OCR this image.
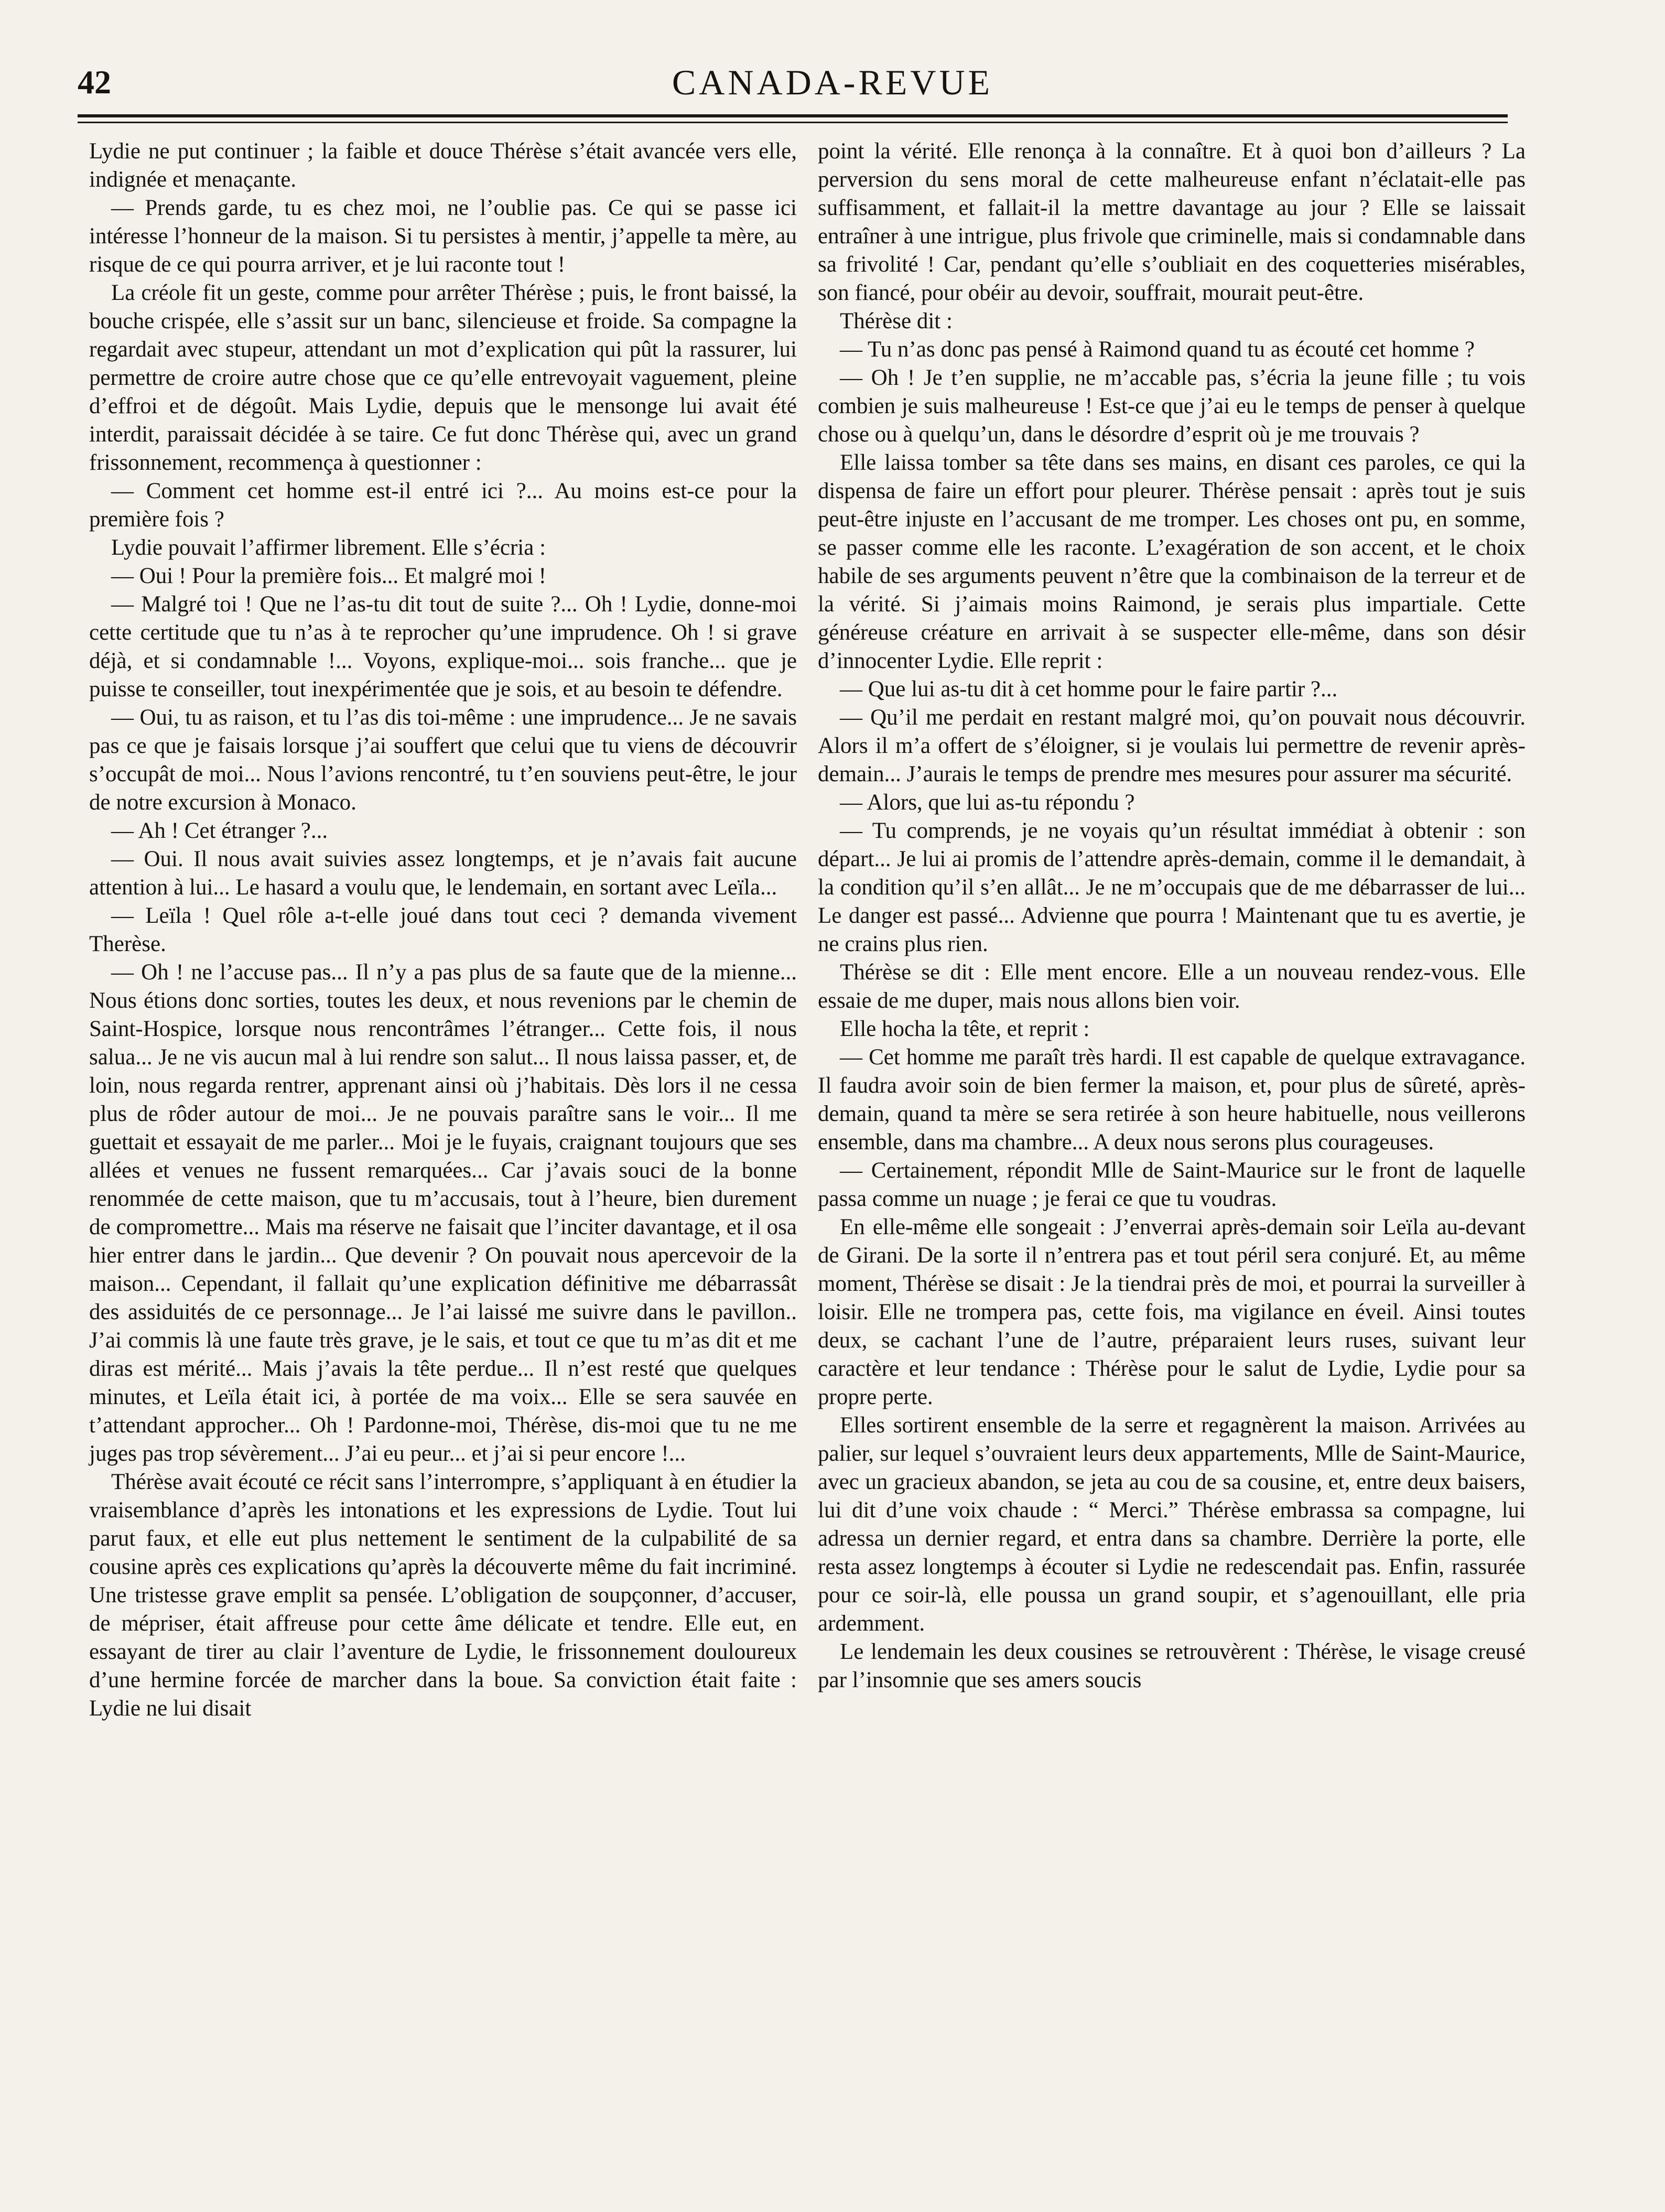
42	CANADA-REVUE

Lydie ne put continuer ; la faible et douce Thérèse s’était avancée vers elle, indignée et menaçante.

— Prends garde, tu es chez moi, ne l’oublie pas. Ce qui se passe ici intéresse l’honneur de la maison. Si tu persistes à mentir, j’appelle ta mère, au risque de ce qui pourra arriver, et je lui raconte tout !

La créole fit un geste, comme pour arrêter Thérèse ; puis, le front baissé, la bouche crispée, elle s’assit sur un banc, silencieuse et froide. Sa compagne la regardait avec stupeur, attendant un mot d’explication qui pût la rassurer, lui permettre de croire autre chose que ce qu’elle entrevoyait vaguement, pleine d’effroi et de dégoût. Mais Lydie, depuis que le mensonge lui avait été interdit, paraissait décidée à se taire. Ce fut donc Thérèse qui, avec un grand frissonnement, recommença à questionner :

— Comment cet homme est-il entré ici ?... Au moins est-ce pour la première fois ?

Lydie pouvait l’affirmer librement. Elle s’écria :

— Oui ! Pour la première fois... Et malgré moi !

— Malgré toi ! Que ne l’as-tu dit tout de suite ?... Oh ! Lydie, donne-moi cette certitude que tu n’as à te reprocher qu’une imprudence. Oh ! si grave déjà, et si condamnable !... Voyons, explique-moi... sois franche... que je puisse te conseiller, tout inexpérimentée que je sois, et au besoin te défendre.

— Oui, tu as raison, et tu l’as dis toi-même : une imprudence... Je ne savais pas ce que je faisais lorsque j’ai souffert que celui que tu viens de découvrir s’occupât de moi... Nous l’avions rencontré, tu t’en souviens peut-être, le jour de notre excursion à Monaco.

— Ah ! Cet étranger ?...

— Oui. Il nous avait suivies assez longtemps, et je n’avais fait aucune attention à lui... Le hasard a voulu que, le lendemain, en sortant avec Leïla...

— Leïla ! Quel rôle a-t-elle joué dans tout ceci ? demanda vivement Therèse.

— Oh ! ne l’accuse pas... Il n’y a pas plus de sa faute que de la mienne... Nous étions donc sorties, toutes les deux, et nous revenions par le chemin de Saint-Hospice, lorsque nous rencontrâmes l’étranger... Cette fois, il nous salua... Je ne vis aucun mal à lui rendre son salut... Il nous laissa passer, et, de loin, nous regarda rentrer, apprenant ainsi où j’habitais. Dès lors il ne cessa plus de rôder autour de moi... Je ne pouvais paraître sans le voir... Il me guettait et essayait de me parler... Moi je le fuyais, craignant toujours que ses allées et venues ne fussent remarquées... Car j’avais souci de la bonne renommée de cette maison, que tu m’accusais, tout à l’heure, bien durement de compromettre... Mais ma réserve ne faisait que l’inciter davantage, et il osa hier entrer dans le jardin... Que devenir ? On pouvait nous apercevoir de la maison... Cependant, il fallait qu’une explication définitive me débarrassât des assiduités de ce personnage... Je l’ai laissé me suivre dans le pavillon.. J’ai commis là une faute très grave, je le sais, et tout ce que tu m’as dit et me diras est mérité... Mais j’avais la tête perdue... Il n’est resté que quelques minutes, et Leïla était ici, à portée de ma voix... Elle se sera sauvée en t’attendant approcher... Oh ! Pardonne-moi, Thérèse, dis-moi que tu ne me juges pas trop sévèrement... J’ai eu peur... et j’ai si peur encore !...

Thérèse avait écouté ce récit sans l’interrompre, s’appliquant à en étudier la vraisemblance d’après les intonations et les expressions de Lydie. Tout lui parut faux, et elle eut plus nettement le sentiment de la culpabilité de sa cousine après ces explications qu’après la découverte même du fait incriminé. Une tristesse grave emplit sa pensée. L’obligation de soupçonner, d’accuser, de mépriser, était affreuse pour cette âme délicate et tendre. Elle eut, en essayant de tirer au clair l’aventure de Lydie, le frissonnement douloureux d’une hermine forcée de marcher dans la boue. Sa conviction était faite : Lydie ne lui disait

point la vérité. Elle renonça à la connaître. Et à quoi bon d’ailleurs ? La perversion du sens moral de cette malheureuse enfant n’éclatait-elle pas suffisamment, et fallait-il la mettre davantage au jour ? Elle se laissait entraîner à une intrigue, plus frivole que criminelle, mais si condamnable dans sa frivolité ! Car, pendant qu’elle s’oubliait en des coquetteries misérables, son fiancé, pour obéir au devoir, souffrait, mourait peut-être.

Thérèse dit :

— Tu n’as donc pas pensé à Raimond quand tu as écouté cet homme ?

— Oh ! Je t’en supplie, ne m’accable pas, s’écria la jeune fille ; tu vois combien je suis malheureuse ! Est-ce que j’ai eu le temps de penser à quelque chose ou à quelqu’un, dans le désordre d’esprit où je me trouvais ?

Elle laissa tomber sa tête dans ses mains, en disant ces paroles, ce qui la dispensa de faire un effort pour pleurer. Thérèse pensait : après tout je suis peut-être injuste en l’accusant de me tromper. Les choses ont pu, en somme, se passer comme elle les raconte. L’exagération de son accent, et le choix habile de ses arguments peuvent n’être que la combinaison de la terreur et de la vérité. Si j’aimais moins Raimond, je serais plus impartiale. Cette généreuse créature en arrivait à se suspecter elle-même, dans son désir d’innocenter Lydie. Elle reprit :

— Que lui as-tu dit à cet homme pour le faire partir ?...

— Qu’il me perdait en restant malgré moi, qu’on pouvait nous découvrir. Alors il m’a offert de s’éloigner, si je voulais lui permettre de revenir après-demain... J’aurais le temps de prendre mes mesures pour assurer ma sécurité.

— Alors, que lui as-tu répondu ?

— Tu comprends, je ne voyais qu’un résultat immédiat à obtenir : son départ... Je lui ai promis de l’attendre après-demain, comme il le demandait, à la condition qu’il s’en allât... Je ne m’occupais que de me débarrasser de lui... Le danger est passé... Advienne que pourra ! Maintenant que tu es avertie, je ne crains plus rien.

Thérèse se dit : Elle ment encore. Elle a un nouveau rendez-vous. Elle essaie de me duper, mais nous allons bien voir.

Elle hocha la tête, et reprit :

— Cet homme me paraît très hardi. Il est capable de quelque extravagance. Il faudra avoir soin de bien fermer la maison, et, pour plus de sûreté, après-demain, quand ta mère se sera retirée à son heure habituelle, nous veillerons ensemble, dans ma chambre... A deux nous serons plus courageuses.

— Certainement, répondit Mlle de Saint-Maurice sur le front de laquelle passa comme un nuage ; je ferai ce que tu voudras.

En elle-même elle songeait : J’enverrai après-demain soir Leïla au-devant de Girani. De la sorte il n’entrera pas et tout péril sera conjuré. Et, au même moment, Thérèse se disait : Je la tiendrai près de moi, et pourrai la surveiller à loisir. Elle ne trompera pas, cette fois, ma vigilance en éveil. Ainsi toutes deux, se cachant l’une de l’autre, préparaient leurs ruses, suivant leur caractère et leur tendance : Thérèse pour le salut de Lydie, Lydie pour sa propre perte.

Elles sortirent ensemble de la serre et regagnèrent la maison. Arrivées au palier, sur lequel s’ouvraient leurs deux appartements, Mlle de Saint-Maurice, avec un gracieux abandon, se jeta au cou de sa cousine, et, entre deux baisers, lui dit d’une voix chaude : “ Merci.” Thérèse embrassa sa compagne, lui adressa un dernier regard, et entra dans sa chambre. Derrière la porte, elle resta assez longtemps à écouter si Lydie ne redescendait pas. Enfin, rassurée pour ce soir-là, elle poussa un grand soupir, et s’agenouillant, elle pria ardemment.

Le lendemain les deux cousines se retrouvèrent : Thérèse, le visage creusé par l’insomnie que ses amers soucis
